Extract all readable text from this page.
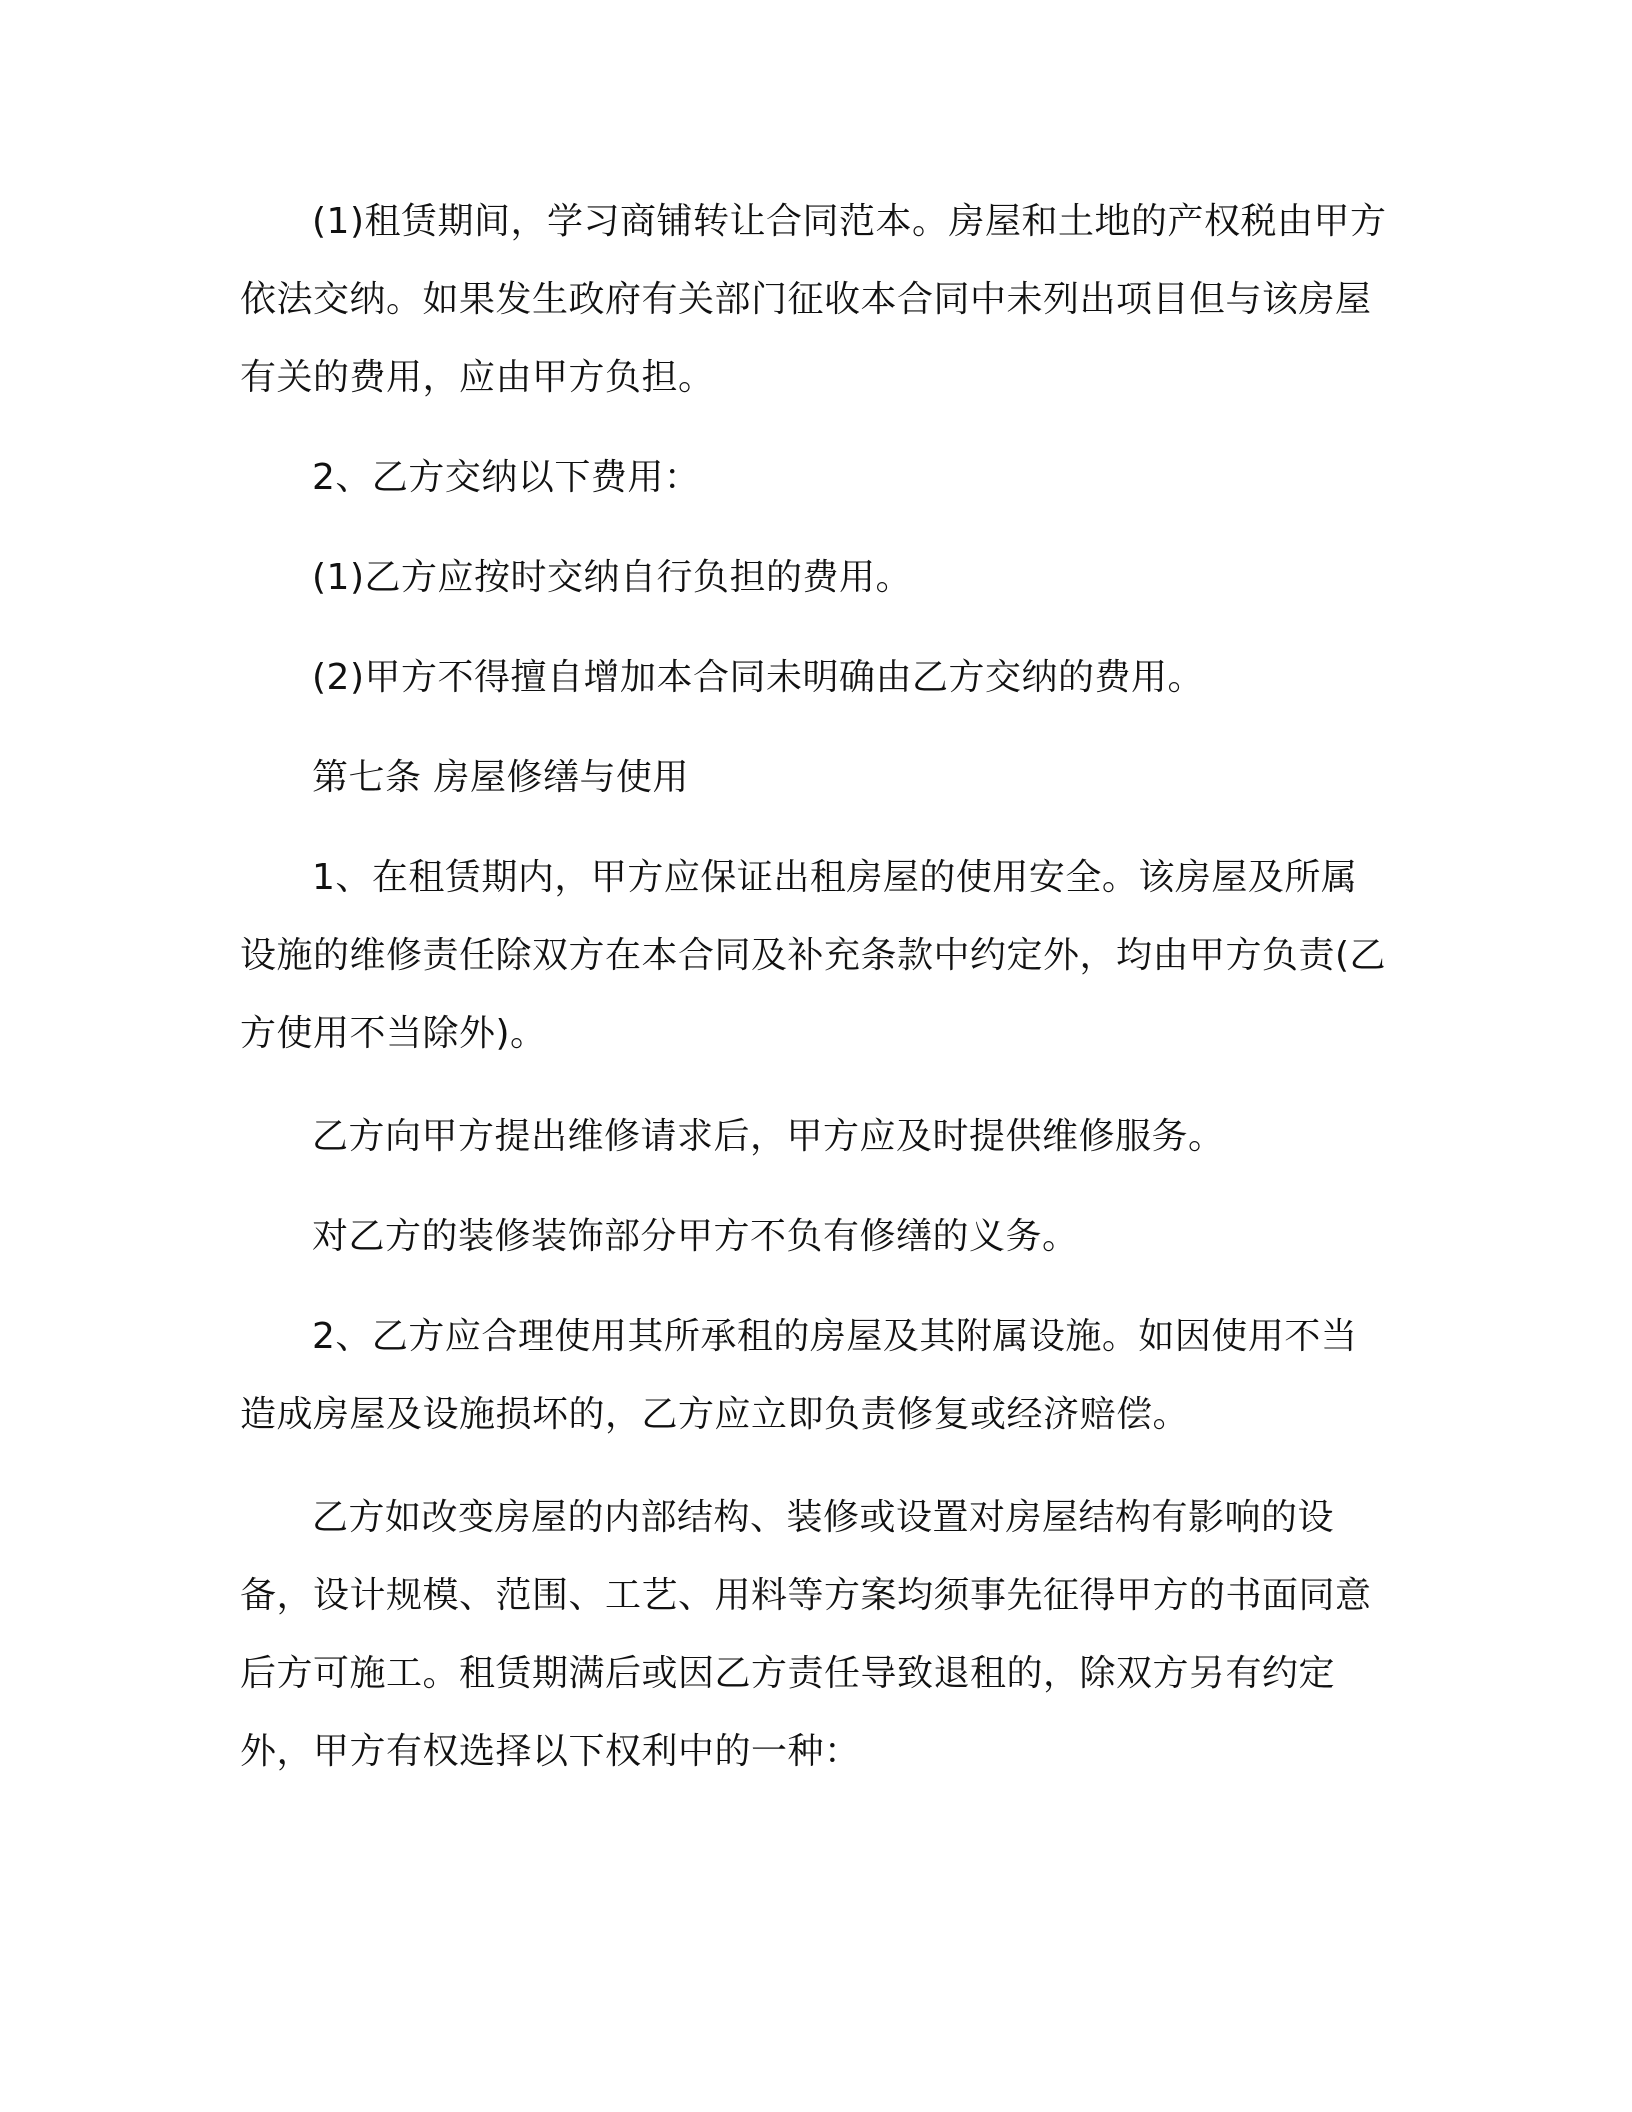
(1)租赁期间，学习商铺转让合同范本。房屋和土地的产权税由甲方依法交纳。如果发生政府有关部门征收本合同中未列出项目但与该房屋有关的费用，应由甲方负担。

2、乙方交纳以下费用：

(1)乙方应按时交纳自行负担的费用。

(2)甲方不得擅自增加本合同未明确由乙方交纳的费用。

第七条 房屋修缮与使用

1、在租赁期内，甲方应保证出租房屋的使用安全。该房屋及所属设施的维修责任除双方在本合同及补充条款中约定外，均由甲方负责(乙方使用不当除外)。

乙方向甲方提出维修请求后，甲方应及时提供维修服务。

对乙方的装修装饰部分甲方不负有修缮的义务。

2、乙方应合理使用其所承租的房屋及其附属设施。如因使用不当造成房屋及设施损坏的，乙方应立即负责修复或经济赔偿。

乙方如改变房屋的内部结构、装修或设置对房屋结构有影响的设备，设计规模、范围、工艺、用料等方案均须事先征得甲方的书面同意后方可施工。租赁期满后或因乙方责任导致退租的，除双方另有约定外，甲方有权选择以下权利中的一种：
